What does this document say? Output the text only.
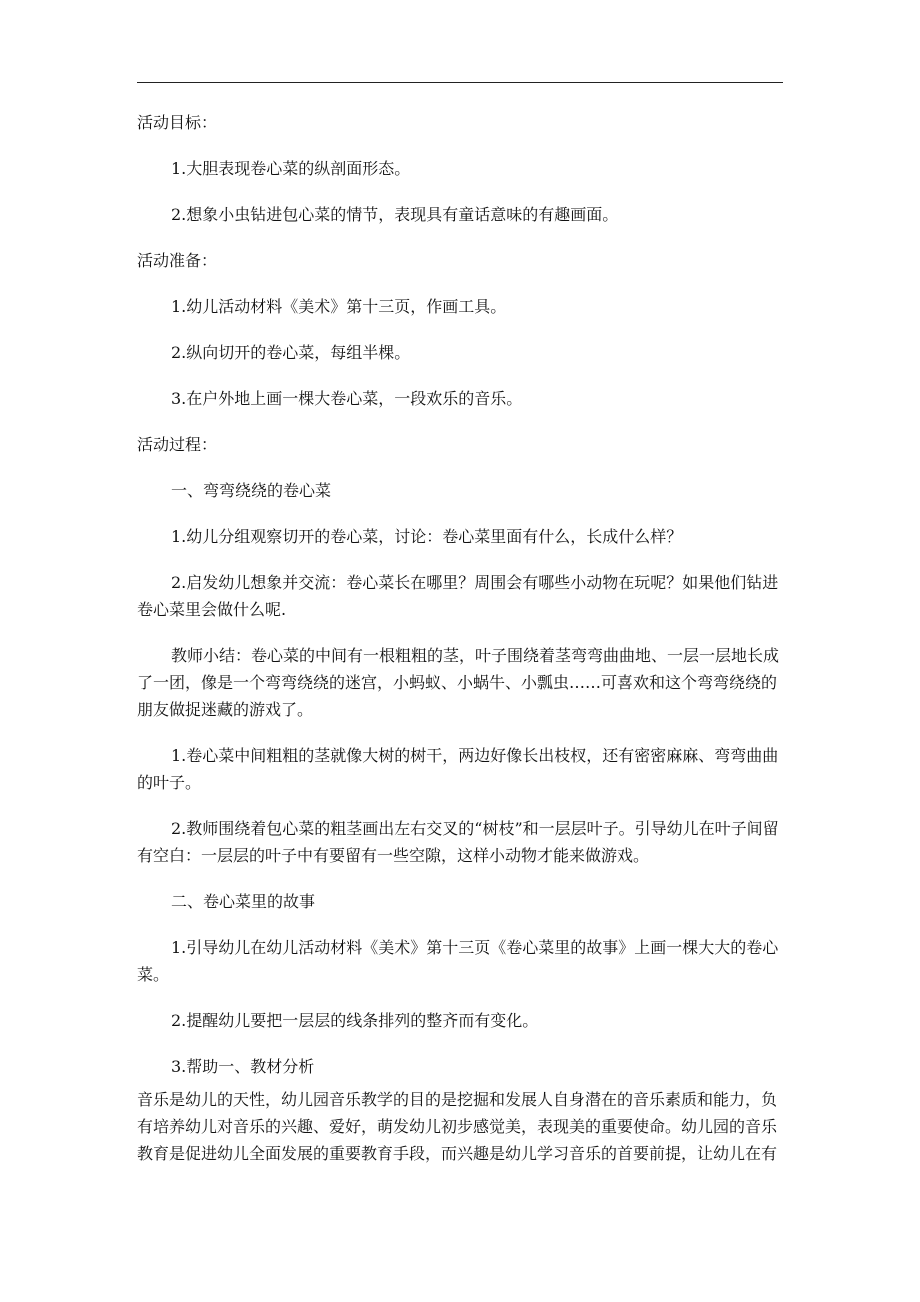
活动目标：

1.大胆表现卷心菜的纵剖面形态。

2.想象小虫钻进包心菜的情节，表现具有童话意味的有趣画面。

活动准备：

1.幼儿活动材料《美术》第十三页，作画工具。

2.纵向切开的卷心菜，每组半棵。

3.在户外地上画一棵大卷心菜，一段欢乐的音乐。

活动过程：

一、弯弯绕绕的卷心菜

1.幼儿分组观察切开的卷心菜，讨论：卷心菜里面有什么，长成什么样？

2.启发幼儿想象并交流：卷心菜长在哪里？周围会有哪些小动物在玩呢？如果他们钻进卷心菜里会做什么呢.

教师小结：卷心菜的中间有一根粗粗的茎，叶子围绕着茎弯弯曲曲地、一层一层地长成了一团，像是一个弯弯绕绕的迷宫，小蚂蚁、小蜗牛、小瓢虫……可喜欢和这个弯弯绕绕的朋友做捉迷藏的游戏了。

1.卷心菜中间粗粗的茎就像大树的树干，两边好像长出枝杈，还有密密麻麻、弯弯曲曲的叶子。

2.教师围绕着包心菜的粗茎画出左右交叉的“树枝”和一层层叶子。引导幼儿在叶子间留有空白：一层层的叶子中有要留有一些空隙，这样小动物才能来做游戏。

二、卷心菜里的故事

1.引导幼儿在幼儿活动材料《美术》第十三页《卷心菜里的故事》上画一棵大大的卷心菜。

2.提醒幼儿要把一层层的线条排列的整齐而有变化。

3.帮助一、教材分析

音乐是幼儿的天性，幼儿园音乐教学的目的是挖掘和发展人自身潜在的音乐素质和能力，负有培养幼儿对音乐的兴趣、爱好，萌发幼儿初步感觉美，表现美的重要使命。幼儿园的音乐教育是促进幼儿全面发展的重要教育手段，而兴趣是幼儿学习音乐的首要前提，让幼儿在有
